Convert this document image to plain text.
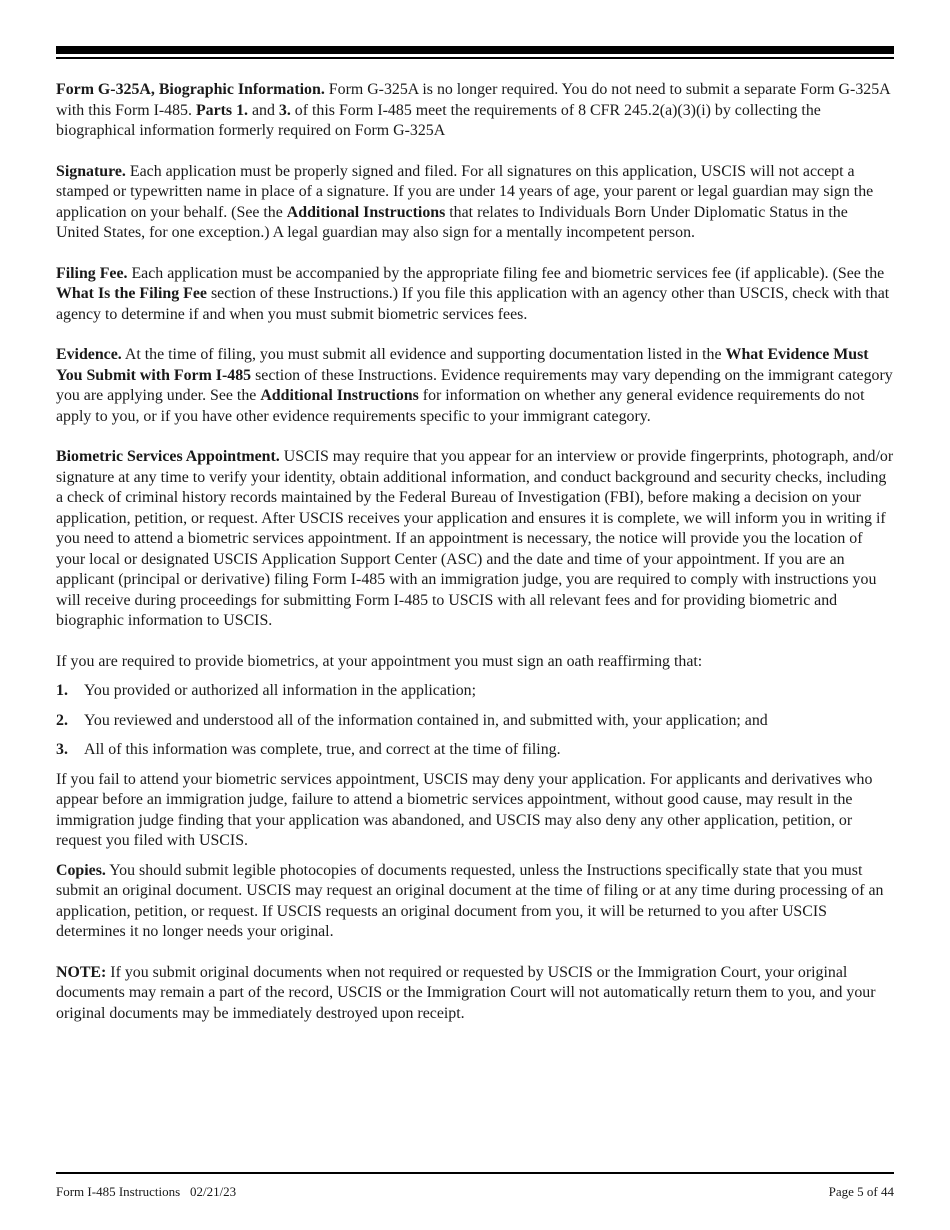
Form G-325A, Biographic Information. Form G-325A is no longer required. You do not need to submit a separate Form G-325A with this Form I-485. Parts 1. and 3. of this Form I-485 meet the requirements of 8 CFR 245.2(a)(3)(i) by collecting the biographical information formerly required on Form G-325A

Signature. Each application must be properly signed and filed. For all signatures on this application, USCIS will not accept a stamped or typewritten name in place of a signature. If you are under 14 years of age, your parent or legal guardian may sign the application on your behalf. (See the Additional Instructions that relates to Individuals Born Under Diplomatic Status in the United States, for one exception.) A legal guardian may also sign for a mentally incompetent person.

Filing Fee. Each application must be accompanied by the appropriate filing fee and biometric services fee (if applicable). (See the What Is the Filing Fee section of these Instructions.) If you file this application with an agency other than USCIS, check with that agency to determine if and when you must submit biometric services fees.

Evidence. At the time of filing, you must submit all evidence and supporting documentation listed in the What Evidence Must You Submit with Form I-485 section of these Instructions. Evidence requirements may vary depending on the immigrant category you are applying under. See the Additional Instructions for information on whether any general evidence requirements do not apply to you, or if you have other evidence requirements specific to your immigrant category.

Biometric Services Appointment. USCIS may require that you appear for an interview or provide fingerprints, photograph, and/or signature at any time to verify your identity, obtain additional information, and conduct background and security checks, including a check of criminal history records maintained by the Federal Bureau of Investigation (FBI), before making a decision on your application, petition, or request. After USCIS receives your application and ensures it is complete, we will inform you in writing if you need to attend a biometric services appointment. If an appointment is necessary, the notice will provide you the location of your local or designated USCIS Application Support Center (ASC) and the date and time of your appointment. If you are an applicant (principal or derivative) filing Form I-485 with an immigration judge, you are required to comply with instructions you will receive during proceedings for submitting Form I-485 to USCIS with all relevant fees and for providing biometric and biographic information to USCIS.

If you are required to provide biometrics, at your appointment you must sign an oath reaffirming that:

1.	You provided or authorized all information in the application;
2.	You reviewed and understood all of the information contained in, and submitted with, your application; and
3.	All of this information was complete, true, and correct at the time of filing.

If you fail to attend your biometric services appointment, USCIS may deny your application. For applicants and derivatives who appear before an immigration judge, failure to attend a biometric services appointment, without good cause, may result in the immigration judge finding that your application was abandoned, and USCIS may also deny any other application, petition, or request you filed with USCIS.

Copies. You should submit legible photocopies of documents requested, unless the Instructions specifically state that you must submit an original document. USCIS may request an original document at the time of filing or at any time during processing of an application, petition, or request. If USCIS requests an original document from you, it will be returned to you after USCIS determines it no longer needs your original.

NOTE: If you submit original documents when not required or requested by USCIS or the Immigration Court, your original documents may remain a part of the record, USCIS or the Immigration Court will not automatically return them to you, and your original documents may be immediately destroyed upon receipt.

Form I-485 Instructions   02/21/23	Page 5 of 44
